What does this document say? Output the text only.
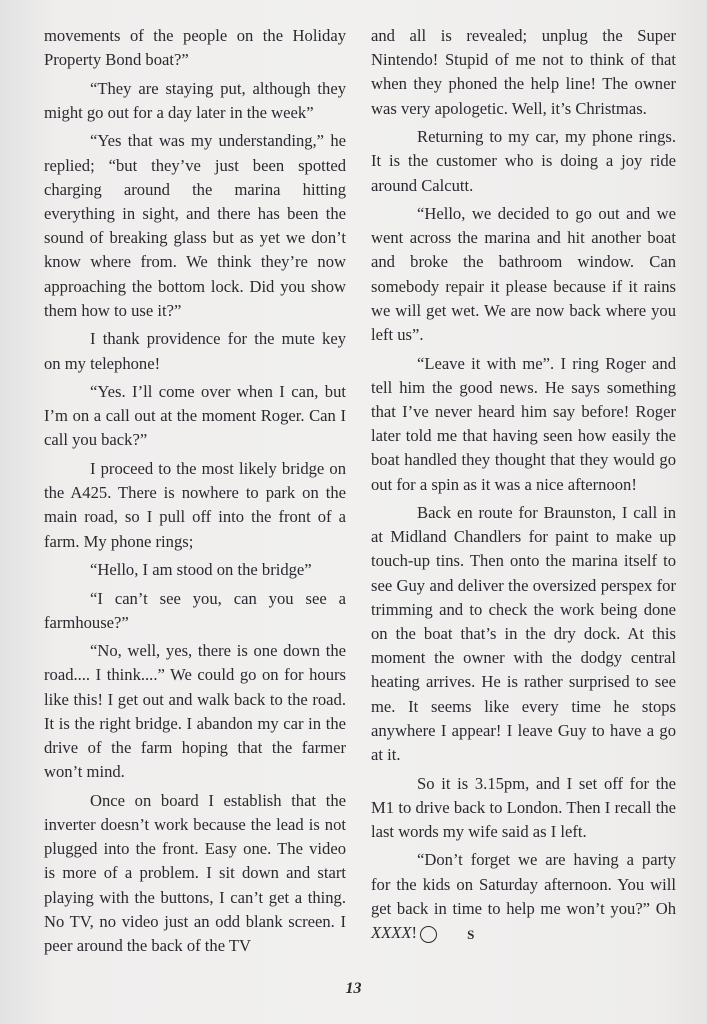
movements of the people on the Holiday Property Bond boat?”

“They are staying put, although they might go out for a day later in the week”

“Yes that was my understanding,” he replied; “but they’ve just been spotted charging around the marina hitting everything in sight, and there has been the sound of breaking glass but as yet we don’t know where from. We think they’re now approaching the bottom lock. Did you show them how to use it?”

I thank providence for the mute key on my telephone!

“Yes. I’ll come over when I can, but I’m on a call out at the moment Roger. Can I call you back?”

I proceed to the most likely bridge on the A425. There is nowhere to park on the main road, so I pull off into the front of a farm. My phone rings;

“Hello, I am stood on the bridge”

“I can’t see you, can you see a farmhouse?”

“No, well, yes, there is one down the road.... I think....” We could go on for hours like this! I get out and walk back to the road. It is the right bridge. I abandon my car in the drive of the farm hoping that the farmer won’t mind.

Once on board I establish that the inverter doesn’t work because the lead is not plugged into the front. Easy one. The video is more of a problem. I sit down and start playing with the buttons, I can’t get a thing. No TV, no video just an odd blank screen. I peer around the back of the TV

and all is revealed; unplug the Super Nintendo! Stupid of me not to think of that when they phoned the help line! The owner was very apologetic. Well, it’s Christmas.

Returning to my car, my phone rings. It is the customer who is doing a joy ride around Calcutt.

“Hello, we decided to go out and we went across the marina and hit another boat and broke the bathroom window. Can somebody repair it please because if it rains we will get wet. We are now back where you left us”.

“Leave it with me”. I ring Roger and tell him the good news. He says something that I’ve never heard him say before! Roger later told me that having seen how easily the boat handled they thought that they would go out for a spin as it was a nice afternoon!

Back en route for Braunston, I call in at Midland Chandlers for paint to make up touch-up tins. Then onto the marina itself to see Guy and deliver the oversized perspex for trimming and to check the work being done on the boat that’s in the dry dock. At this moment the owner with the dodgy central heating arrives. He is rather surprised to see me. It seems like every time he stops anywhere I appear! I leave Guy to have a go at it.

So it is 3.15pm, and I set off for the M1 to drive back to London. Then I recall the last words my wife said as I left.

“Don’t forget we are having a party for the kids on Saturday afternoon. You will get back in time to help me won’t you?” Oh XXXX!	S

13
